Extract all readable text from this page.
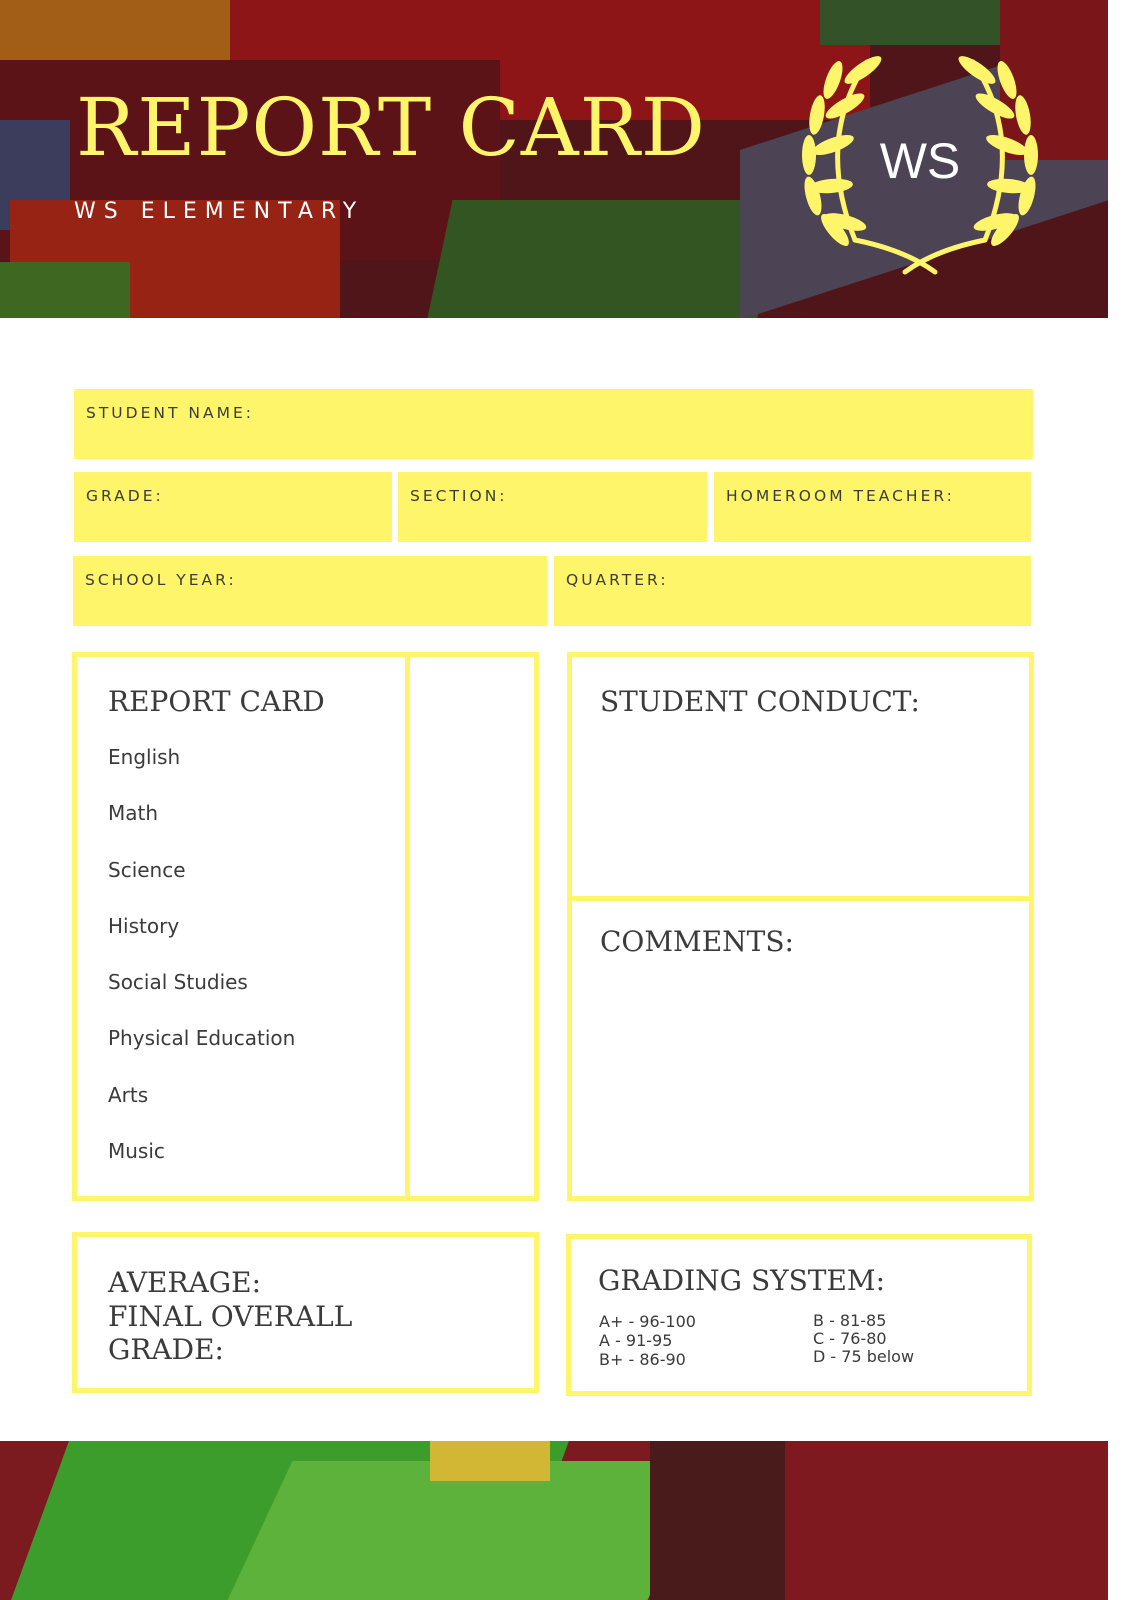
REPORT CARD

WS ELEMENTARY

WS
STUDENT NAME:
GRADE:	SECTION:	HOMEROOM TEACHER:
SCHOOL YEAR:	QUARTER:
REPORT CARD
English
Math
Science
History
Social Studies
Physical Education
Arts
Music
STUDENT CONDUCT:
COMMENTS:
AVERAGE:
FINAL OVERALL
GRADE:
GRADING SYSTEM:
A+ - 96-100
A - 91-95
B+ - 86-90
B - 81-85
C - 76-80
D - 75 below
